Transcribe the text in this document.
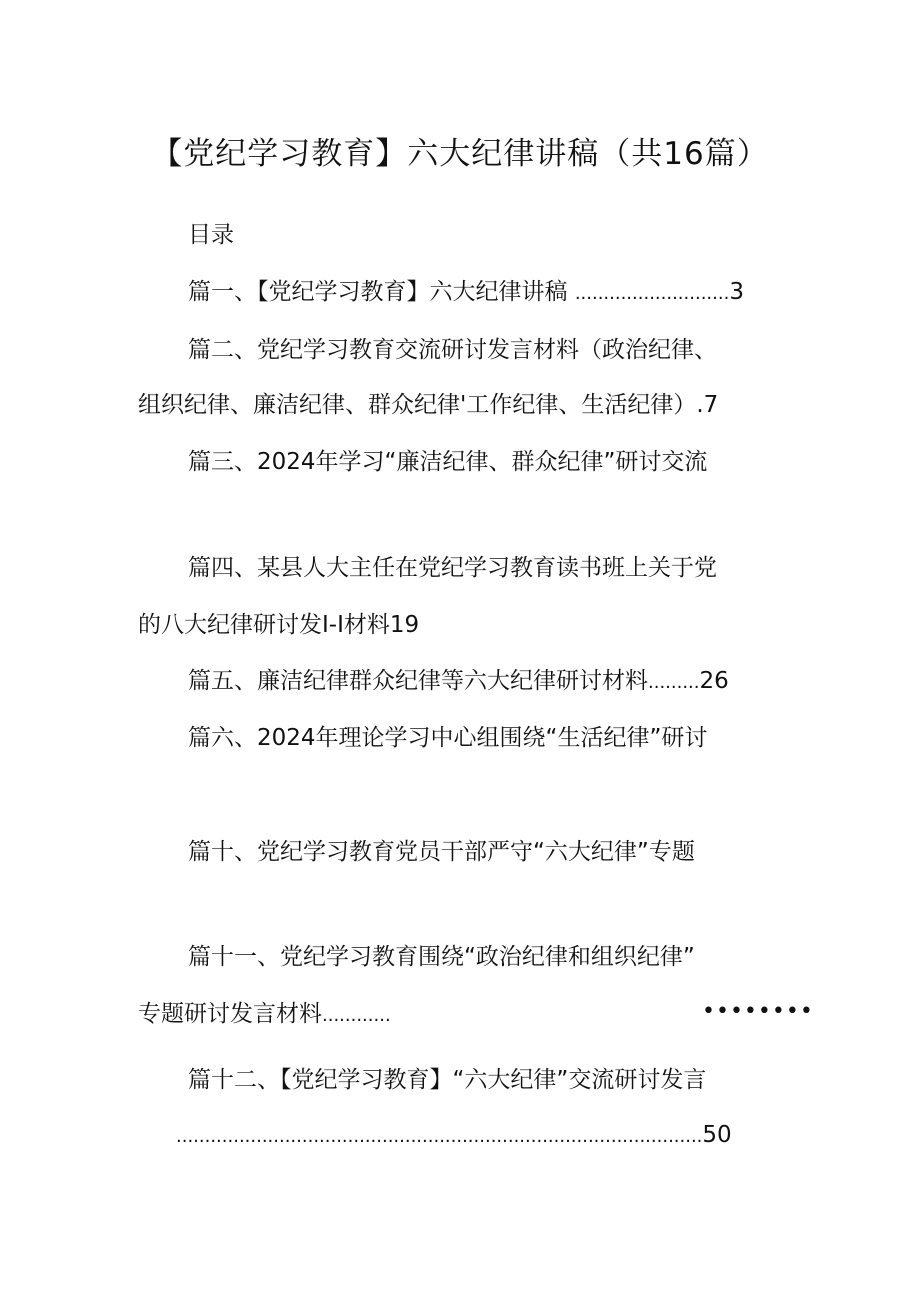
【党纪学习教育】六大纪律讲稿（共16篇）
目录
篇一、【党纪学习教育】六大纪律讲稿 ...........................3
篇二、党纪学习教育交流研讨发言材料（政治纪律、
组织纪律、廉洁纪律、群众纪律'工作纪律、生活纪律）.7
篇三、2024年学习“廉洁纪律、群众纪律”研讨交流
篇四、某县人大主任在党纪学习教育读书班上关于党
的八大纪律研讨发I-I材料19
篇五、廉洁纪律群众纪律等六大纪律研讨材料.........26
篇六、2024年理论学习中心组围绕“生活纪律”研讨
篇十、党纪学习教育党员干部严守“六大纪律”专题
篇十一、党纪学习教育围绕“政治纪律和组织纪律”
专题研讨发言材料............	••••••••
篇十二、【党纪学习教育】“六大纪律”交流研讨发言
............................................................................................50
